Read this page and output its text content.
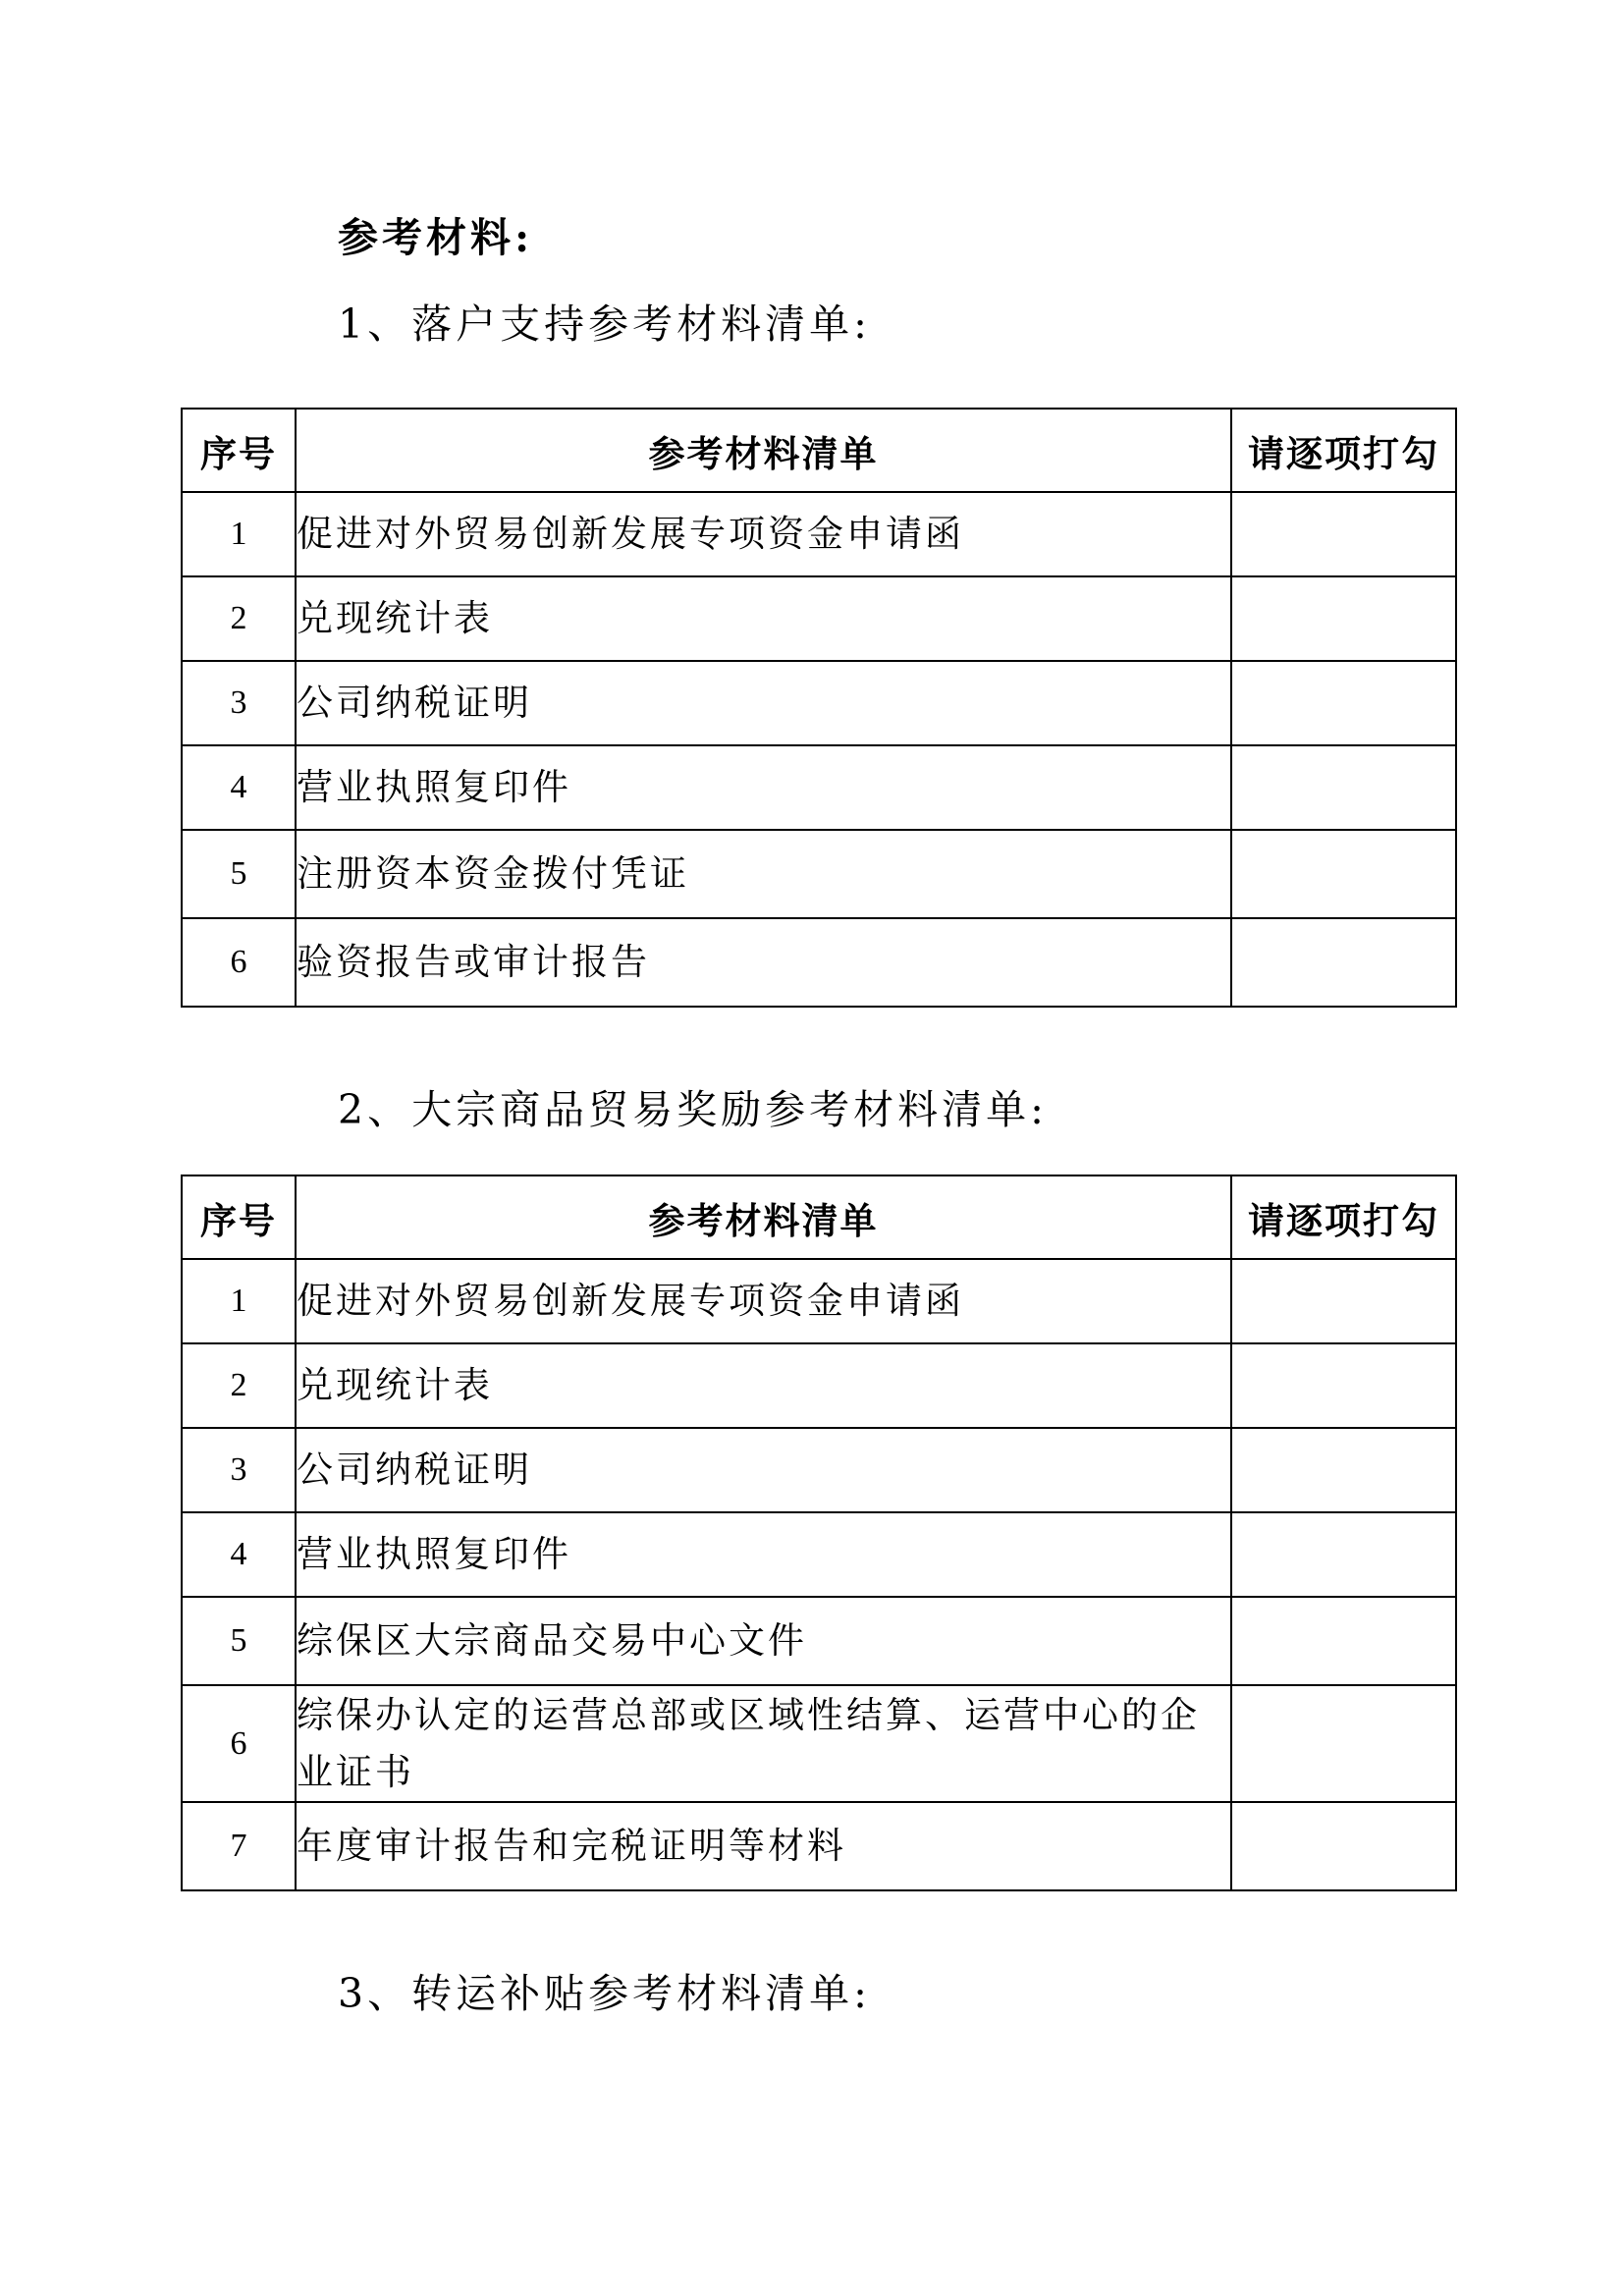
参考材料:
1、落户支持参考材料清单:
序号	参考材料清单	请逐项打勾
1	促进对外贸易创新发展专项资金申请函	
2	兑现统计表	
3	公司纳税证明	
4	营业执照复印件	
5	注册资本资金拨付凭证	
6	验资报告或审计报告	
2、大宗商品贸易奖励参考材料清单:
序号	参考材料清单	请逐项打勾
1	促进对外贸易创新发展专项资金申请函	
2	兑现统计表	
3	公司纳税证明	
4	营业执照复印件	
5	综保区大宗商品交易中心文件	
6	综保办认定的运营总部或区域性结算、运营中心的企业证书	
7	年度审计报告和完税证明等材料	
3、转运补贴参考材料清单:
